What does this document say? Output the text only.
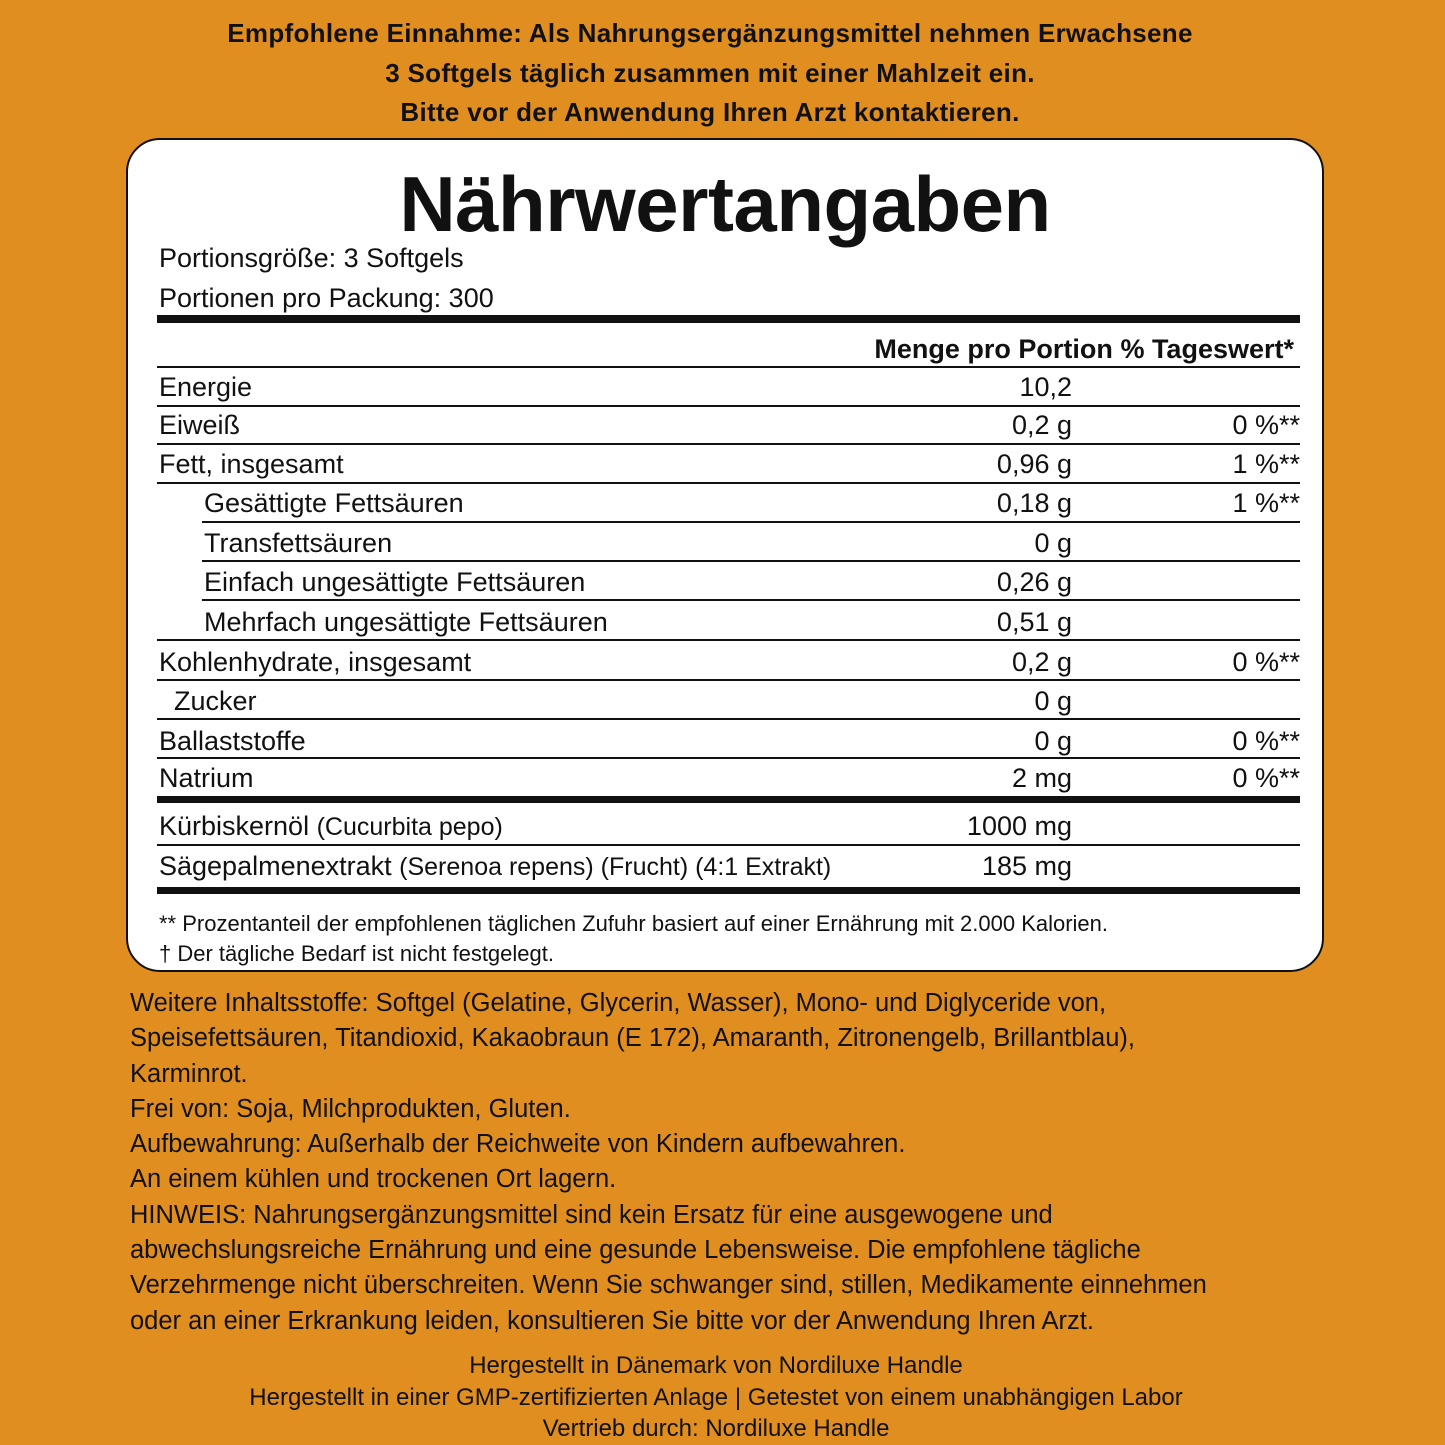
Empfohlene Einnahme: Als Nahrungsergänzungsmittel nehmen Erwachsene
3 Softgels täglich zusammen mit einer Mahlzeit ein.
Bitte vor der Anwendung Ihren Arzt kontaktieren.
Nährwertangaben
Portionsgröße: 3 Softgels
Portionen pro Packung: 300
Menge pro Portion % Tageswert*
Energie	10,2
Eiweiß	0,2 g	0 %**
Fett, insgesamt	0,96 g	1 %**
Gesättigte Fettsäuren	0,18 g	1 %**
Transfettsäuren	0 g
Einfach ungesättigte Fettsäuren	0,26 g
Mehrfach ungesättigte Fettsäuren	0,51 g
Kohlenhydrate, insgesamt	0,2 g	0 %**
Zucker	0 g
Ballaststoffe	0 g	0 %**
Natrium	2 mg	0 %**
Kürbiskernöl (Cucurbita pepo)	1000 mg
Sägepalmenextrakt (Serenoa repens) (Frucht) (4:1 Extrakt)	185 mg
** Prozentanteil der empfohlenen täglichen Zufuhr basiert auf einer Ernährung mit 2.000 Kalorien.
† Der tägliche Bedarf ist nicht festgelegt.
Weitere Inhaltsstoffe: Softgel (Gelatine, Glycerin, Wasser), Mono- und Diglyceride von,
Speisefettsäuren, Titandioxid, Kakaobraun (E 172), Amaranth, Zitronengelb, Brillantblau),
Karminrot.
Frei von: Soja, Milchprodukten, Gluten.
Aufbewahrung: Außerhalb der Reichweite von Kindern aufbewahren.
An einem kühlen und trockenen Ort lagern.
HINWEIS: Nahrungsergänzungsmittel sind kein Ersatz für eine ausgewogene und
abwechslungsreiche Ernährung und eine gesunde Lebensweise. Die empfohlene tägliche
Verzehrmenge nicht überschreiten. Wenn Sie schwanger sind, stillen, Medikamente einnehmen
oder an einer Erkrankung leiden, konsultieren Sie bitte vor der Anwendung Ihren Arzt.
Hergestellt in Dänemark von Nordiluxe Handle
Hergestellt in einer GMP-zertifizierten Anlage | Getestet von einem unabhängigen Labor
Vertrieb durch: Nordiluxe Handle
